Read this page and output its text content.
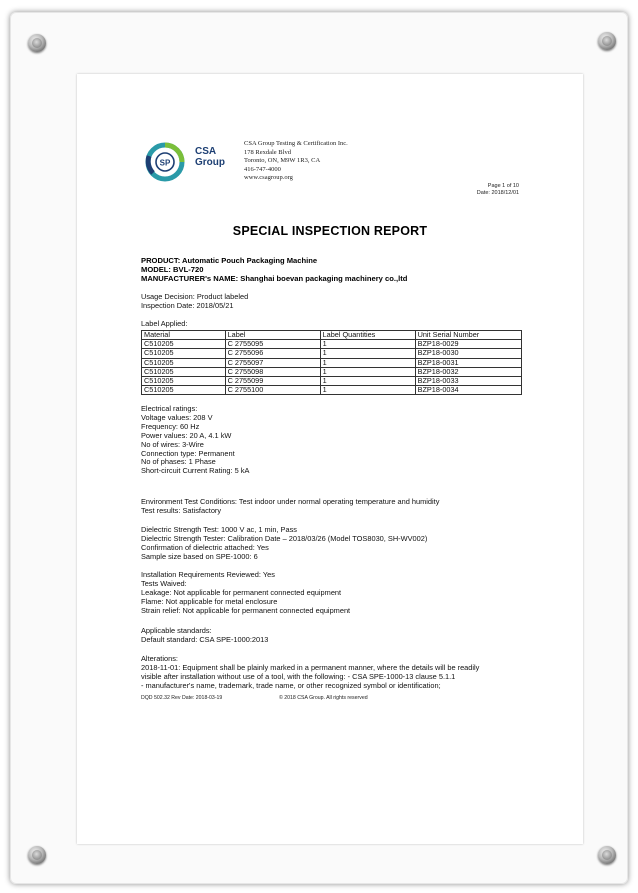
SP
CSA
Group
CSA Group Testing & Certification Inc.
178 Rexdale Blvd
Toronto, ON, M9W 1R3, CA
416-747-4000
www.csagroup.org
Page 1 of 10
Date: 2018/12/01
SPECIAL INSPECTION REPORT
PRODUCT: Automatic Pouch Packaging Machine
MODEL: BVL-720
MANUFACTURER's NAME: Shanghai boevan packaging machinery co.,ltd
Usage Decision: Product labeled
Inspection Date: 2018/05/21
Label Applied:
Material	Label	Label Quantities	Unit Serial Number
C510205	C 2755095	1	BZP18-0029
C510205	C 2755096	1	BZP18-0030
C510205	C 2755097	1	BZP18-0031
C510205	C 2755098	1	BZP18-0032
C510205	C 2755099	1	BZP18-0033
C510205	C 2755100	1	BZP18-0034
Electrical ratings:
Voltage values: 208 V
Frequency: 60 Hz
Power values: 20 A, 4.1 kW
No of wires: 3-Wire
Connection type: Permanent
No of phases: 1 Phase
Short-circuit Current Rating: 5 kA
Environment Test Conditions: Test indoor under normal operating temperature and humidity
Test results: Satisfactory
Dielectric Strength Test: 1000 V ac, 1 min, Pass
Dielectric Strength Tester: Calibration Date – 2018/03/26 (Model TOS8030, SH-WV002)
Confirmation of dielectric attached: Yes
Sample size based on SPE-1000: 6
Installation Requirements Reviewed: Yes
Tests Waived:
Leakage: Not applicable for permanent connected equipment
Flame: Not applicable for metal enclosure
Strain relief: Not applicable for permanent connected equipment
Applicable standards:
Default standard: CSA SPE-1000:2013
Alterations:
2018-11-01: Equipment shall be plainly marked in a permanent manner, where the details will be readily
visible after installation without use of a tool, with the following: - CSA SPE-1000-13 clause 5.1.1
- manufacturer's name, trademark, trade name, or other recognized symbol or identification;
DQD 502.32 Rev Date: 2018-03-19	© 2018 CSA Group. All rights reserved
